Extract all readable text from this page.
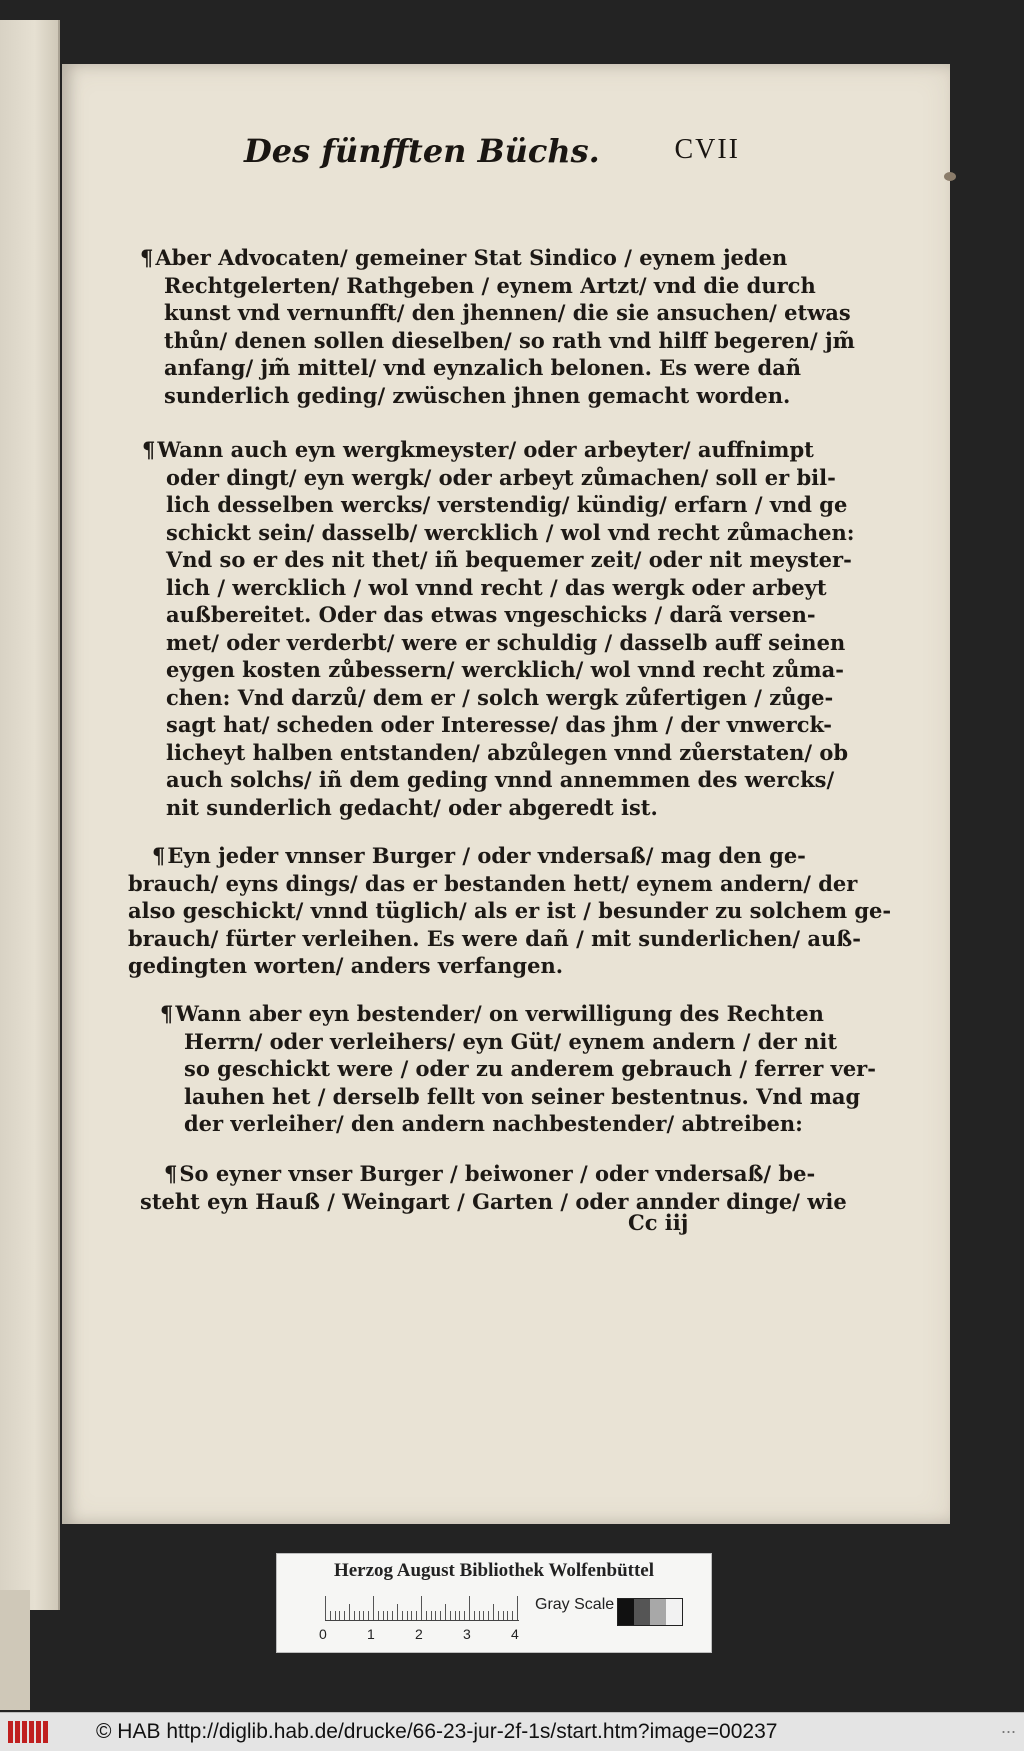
Des fünfften Büchs.	CVII

¶Aber Advocaten/ gemeiner Stat Sindico / eynem jeden
Rechtgelerten/ Rathgeben / eynem Artzt/ vnd die durch
kunst vnd vernunfft/ den jhennen/ die sie ansuchen/ etwas
thůn/ denen sollen dieselben/ so rath vnd hilff begeren/ jm̃
anfang/ jm̃ mittel/ vnd eynzalich belonen. Es were dañ
sunderlich geding/ zwüschen jhnen gemacht worden.

¶Wann auch eyn wergkmeyster/ oder arbeyter/ auffnimpt
oder dingt/ eyn wergk/ oder arbeyt zůmachen/ soll er bil-
lich desselben wercks/ verstendig/ kündig/ erfarn / vnd ge
schickt sein/ dasselb/ wercklich / wol vnd recht zůmachen:
Vnd so er des nit thet/ iñ bequemer zeit/ oder nit meyster-
lich / wercklich / wol vnnd recht / das wergk oder arbeyt
außbereitet. Oder das etwas vngeschicks / darã versen-
met/ oder verderbt/ were er schuldig / dasselb auff seinen
eygen kosten zůbessern/ wercklich/ wol vnnd recht zůma-
chen: Vnd darzů/ dem er / solch wergk zůfertigen / zůge-
sagt hat/ scheden oder Interesse/ das jhm / der vnwerck-
licheyt halben entstanden/ abzůlegen vnnd zůerstaten/ ob
auch solchs/ iñ dem geding vnnd annemmen des wercks/
nit sunderlich gedacht/ oder abgeredt ist.

¶Eyn jeder vnnser Burger / oder vndersaß/ mag den ge-
brauch/ eyns dings/ das er bestanden hett/ eynem andern/ der
also geschickt/ vnnd tüglich/ als er ist / besunder zu solchem ge-
brauch/ fürter verleihen. Es were dañ / mit sunderlichen/ auß-
gedingten worten/ anders verfangen.

¶Wann aber eyn bestender/ on verwilligung des Rechten
Herrn/ oder verleihers/ eyn Güt/ eynem andern / der nit
so geschickt were / oder zu anderem gebrauch / ferrer ver-
lauhen het / derselb fellt von seiner bestentnus. Vnd mag
der verleiher/ den andern nachbestender/ abtreiben:

¶So eyner vnser Burger / beiwoner / oder vndersaß/ be-
steht eyn Hauß / Weingart / Garten / oder annder dinge/ wie

Cc iij
Herzog August Bibliothek Wolfenbüttel
0	1	2	3	4
Gray Scale
© HAB http://diglib.hab.de/drucke/66-23-jur-2f-1s/start.htm?image=00237	...
